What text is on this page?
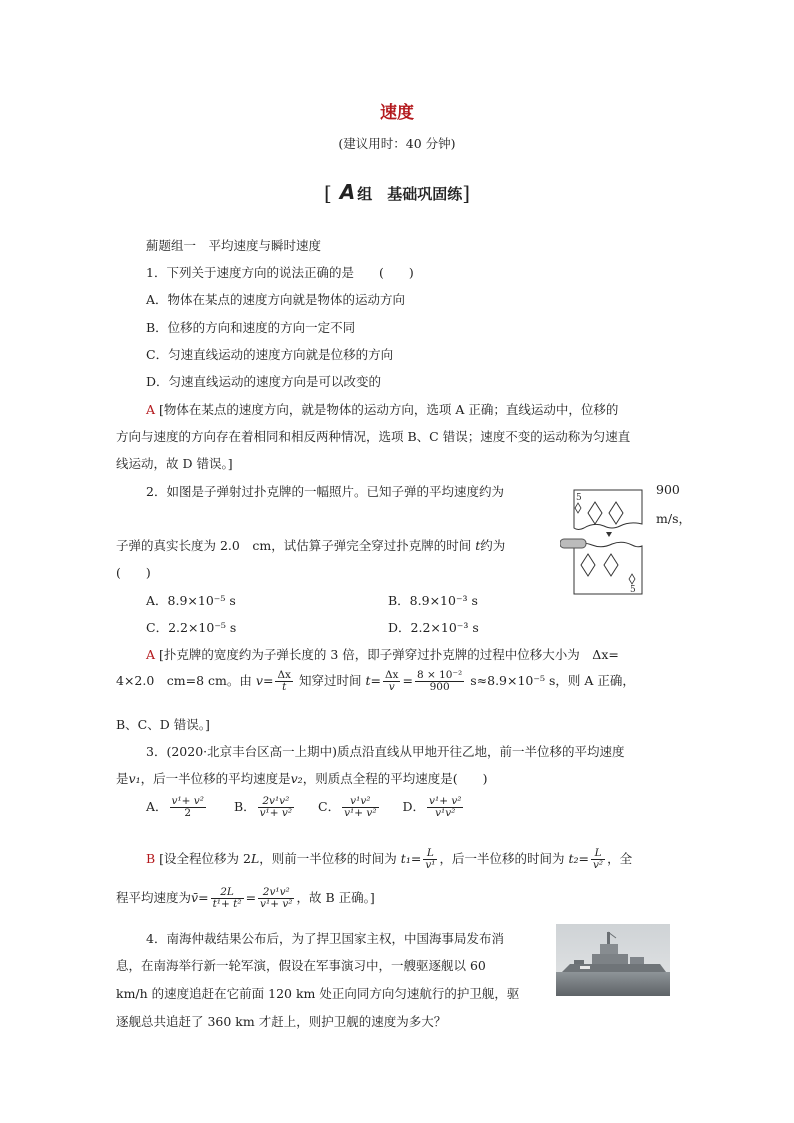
速度
(建议用时：40 分钟)
[ A 组　基础巩固练]
薊题组一　平均速度与瞬时速度
1．下列关于速度方向的说法正确的是　　(　　)
A．物体在某点的速度方向就是物体的运动方向
B．位移的方向和速度的方向一定不同
C．匀速直线运动的速度方向就是位移的方向
D．匀速直线运动的速度方向是可以改变的
A [物体在某点的速度方向，就是物体的运动方向，选项 A 正确；直线运动中，位移的
方向与速度的方向存在着相同和相反两种情况，选项 B、C 错误；速度不变的运动称为匀速直
线运动，故 D 错误。]
2．如图是子弹射过扑克牌的一幅照片。已知子弹的平均速度约为	900
m/s，
子弹的真实长度为 2.0　cm，试估算子弹完全穿过扑克牌的时间 t约为
(　　)
5
5
A．8.9×10⁻⁵ s	B．8.9×10⁻³ s
C．2.2×10⁻⁵ s	D．2.2×10⁻³ s
A [扑克牌的宽度约为子弹长度的 3 倍，即子弹穿过扑克牌的过程中位移大小为　Δx=
4×2.0　cm=8 cm。由 $v= \frac{\Delta x}{t}$ 知穿过时间 $t= \frac{\Delta x}{v} = \frac{\text{8 × 10⁻²}}{900} s\approx 8.9\times 10^{-5}$ s，则 A 正确，
B、C、D 错误。]
3．(2020·北京丰台区高一上期中)质点沿直线从甲地开往乙地，前一半位移的平均速度
是v₁，后一半位移的平均速度是v₂，则质点全程的平均速度是(　　)
A． $\frac{\text{v¹+ v²}}{2}$ B． $\frac{\text{2v¹v²}}{\text{v¹+ v²}}$ C． $\frac{\text{v¹v²}}{\text{v¹+ v²}}$ D． $\frac{\text{v¹+ v²}}{\text{v¹v²}}$
B [设全程位移为 2L，则前一半位移的时间为 $t_1= \frac{L}{\text{v¹}}$ ，后一半位移的时间为 $t_2= \frac{L}{\text{v²}}$ ，全
程平均速度为v̄= $\frac{2L}{\text{t¹+ t²}} = \frac{\text{2v¹v²}}{\text{v¹+ v²}}$ ，故 B 正确。]
4．南海仲裁结果公布后，为了捍卫国家主权，中国海事局发布消
息，在南海举行新一轮军演，假设在军事演习中，一艘驱逐舰以 60
km/h 的速度追赶在它前面 120 km 处正向同方向匀速航行的护卫舰，驱
逐舰总共追赶了 360 km 才赶上，则护卫舰的速度为多大？
